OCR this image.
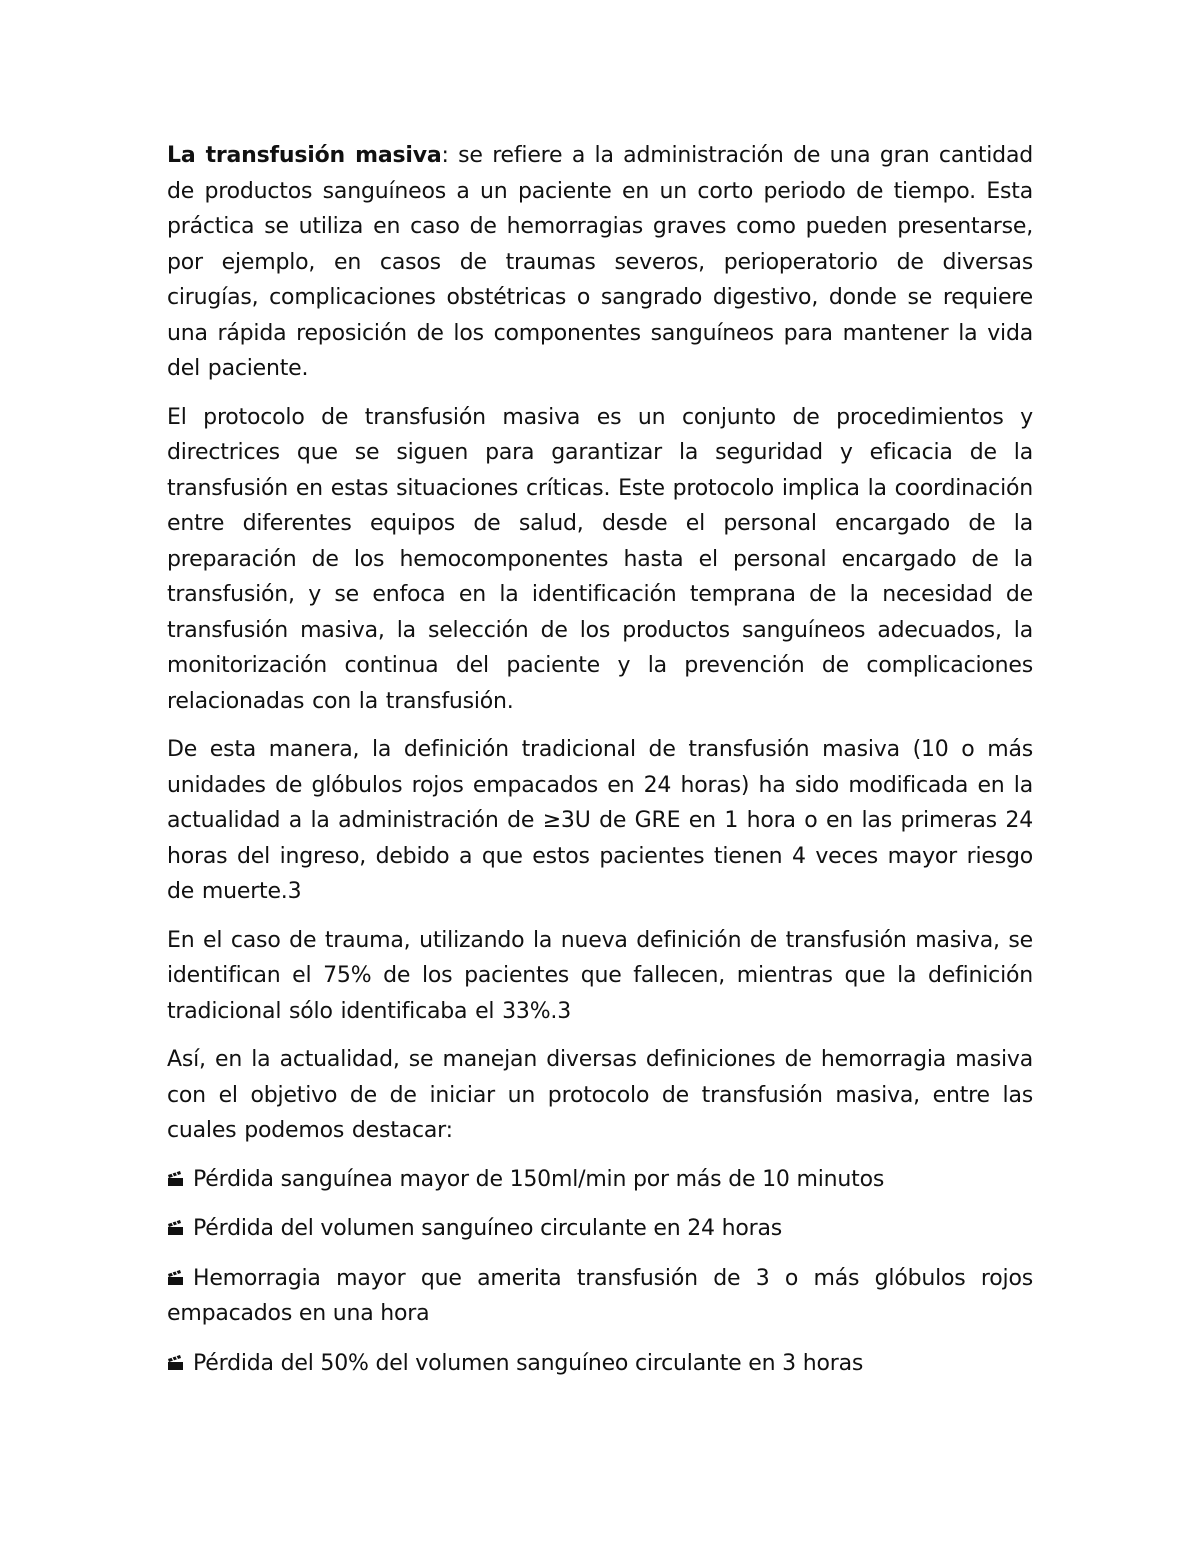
La transfusión masiva: se refiere a la administración de una gran cantidad de productos sanguíneos a un paciente en un corto periodo de tiempo. Esta práctica se utiliza en caso de hemorragias graves como pueden presentarse, por ejemplo, en casos de traumas severos, perioperatorio de diversas cirugías, complicaciones obstétricas o sangrado digestivo, donde se requiere una rápida reposición de los componentes sanguíneos para mantener la vida del paciente.

El protocolo de transfusión masiva es un conjunto de procedimientos y directrices que se siguen para garantizar la seguridad y eficacia de la transfusión en estas situaciones críticas. Este protocolo implica la coordinación entre diferentes equipos de salud, desde el personal encargado de la preparación de los hemocomponentes hasta el personal encargado de la transfusión, y se enfoca en la identificación temprana de la necesidad de transfusión masiva, la selección de los productos sanguíneos adecuados, la monitorización continua del paciente y la prevención de complicaciones relacionadas con la transfusión.

De esta manera, la definición tradicional de transfusión masiva (10 o más unidades de glóbulos rojos empacados en 24 horas) ha sido modificada en la actualidad a la administración de ≥3U de GRE en 1 hora o en las primeras 24 horas del ingreso, debido a que estos pacientes tienen 4 veces mayor riesgo de muerte.3

En el caso de trauma, utilizando la nueva definición de transfusión masiva, se identifican el 75% de los pacientes que fallecen, mientras que la definición tradicional sólo identificaba el 33%.3

Así, en la actualidad, se manejan diversas definiciones de hemorragia masiva con el objetivo de de iniciar un protocolo de transfusión masiva, entre las cuales podemos destacar:

Pérdida sanguínea mayor de 150ml/min por más de 10 minutos

Pérdida del volumen sanguíneo circulante en 24 horas

Hemorragia mayor que amerita transfusión de 3 o más glóbulos rojos empacados en una hora

Pérdida del 50% del volumen sanguíneo circulante en 3 horas
